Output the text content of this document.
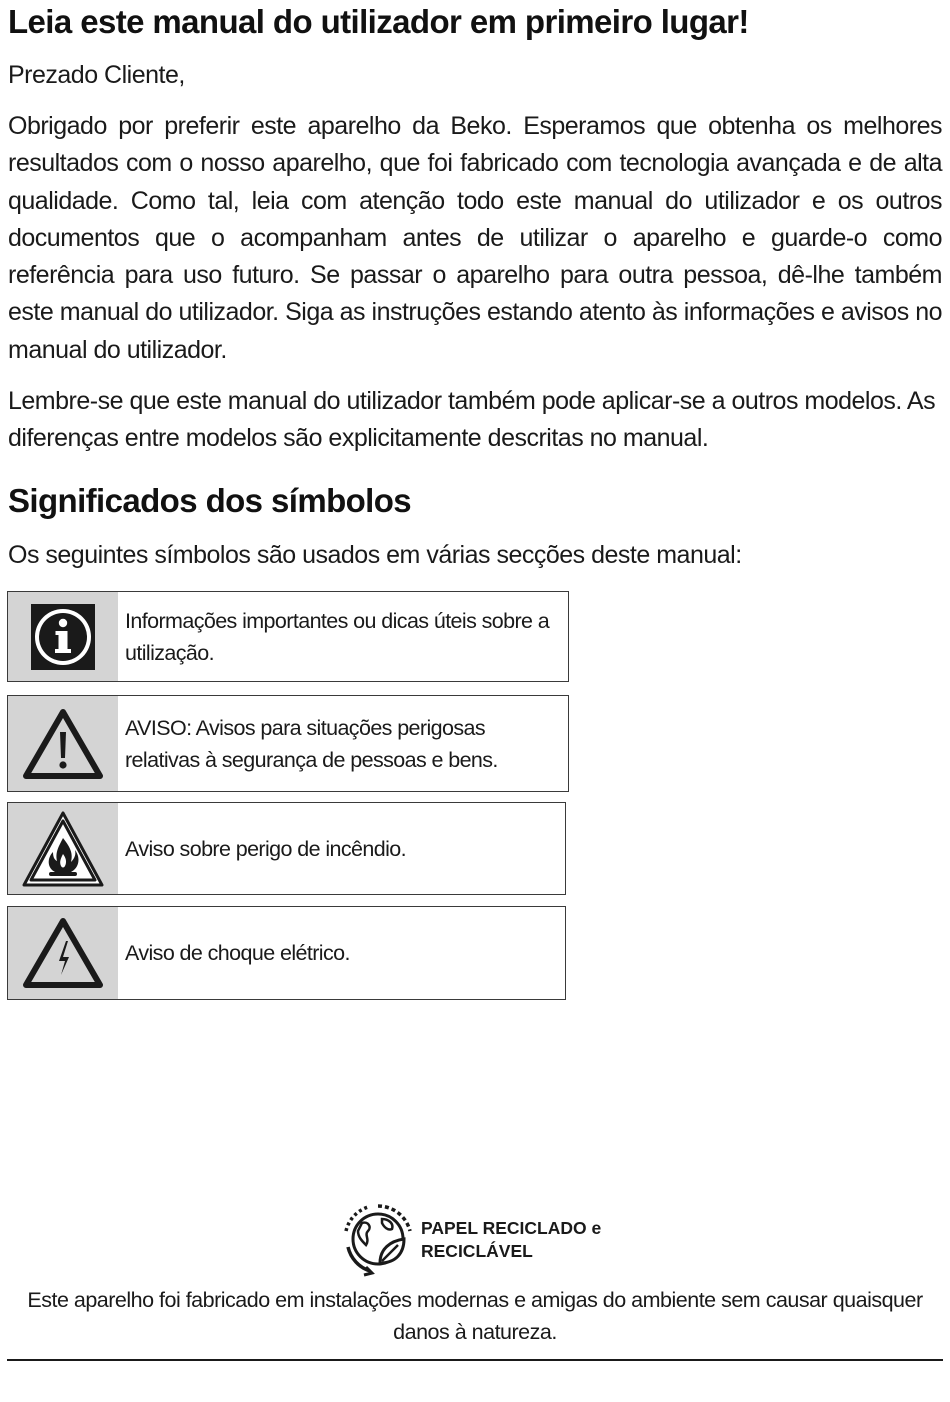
Leia este manual do utilizador em primeiro lugar!

Prezado Cliente,

Obrigado por preferir este aparelho da Beko. Esperamos que obtenha os melhores resultados com o nosso aparelho, que foi fabricado com tecnologia avançada e de alta qualidade. Como tal, leia com atenção todo este manual do utilizador e os outros documentos que o acompanham antes de utilizar o aparelho e guarde-o como referência para uso futuro. Se passar o aparelho para outra pessoa, dê-lhe também este manual do utilizador. Siga as instruções estando atento às informações e avisos no manual do utilizador.

Lembre-se que este manual do utilizador também pode aplicar-se a outros modelos. As diferenças entre modelos são explicitamente descritas no manual.

Significados dos símbolos

Os seguintes símbolos são usados em várias secções deste manual:

Informações importantes ou dicas úteis sobre a utilização.
AVISO: Avisos para situações perigosas relativas à segurança de pessoas e bens.
Aviso sobre perigo de incêndio.
Aviso de choque elétrico.
PAPEL RECICLADO e
RECICLÁVEL

Este aparelho foi fabricado em instalações modernas e amigas do ambiente sem causar quaisquer danos à natureza.
